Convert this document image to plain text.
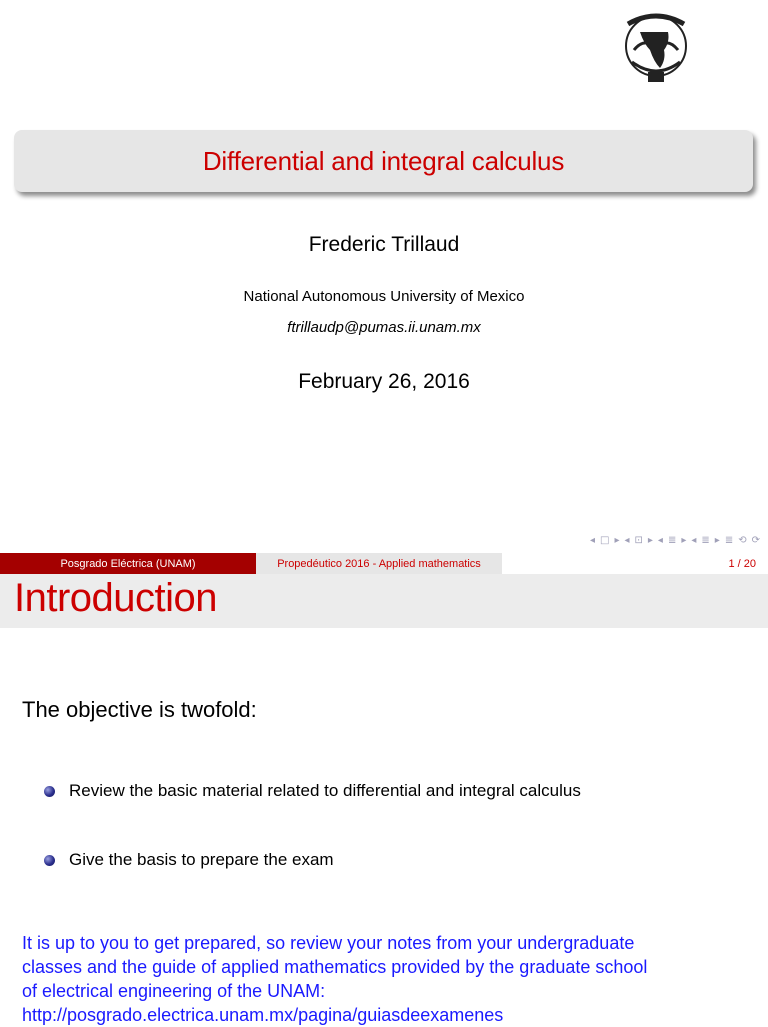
Differential and integral calculus
Frederic Trillaud
National Autonomous University of Mexico
ftrillaudp@pumas.ii.unam.mx
February 26, 2016
◂ □ ▸ ◂ ⊡ ▸ ◂ ≣ ▸ ◂ ≣ ▸ ≣ ⟲ ⟳
Posgrado Eléctrica (UNAM)	Propedéutico 2016 - Applied mathematics	1 / 20
Introduction
The objective is twofold:
Review the basic material related to differential and integral calculus
Give the basis to prepare the exam
It is up to you to get prepared, so review your notes from your undergraduate
classes and the guide of applied mathematics provided by the graduate school
of electrical engineering of the UNAM:
http://posgrado.electrica.unam.mx/pagina/guiasdeexamenes
